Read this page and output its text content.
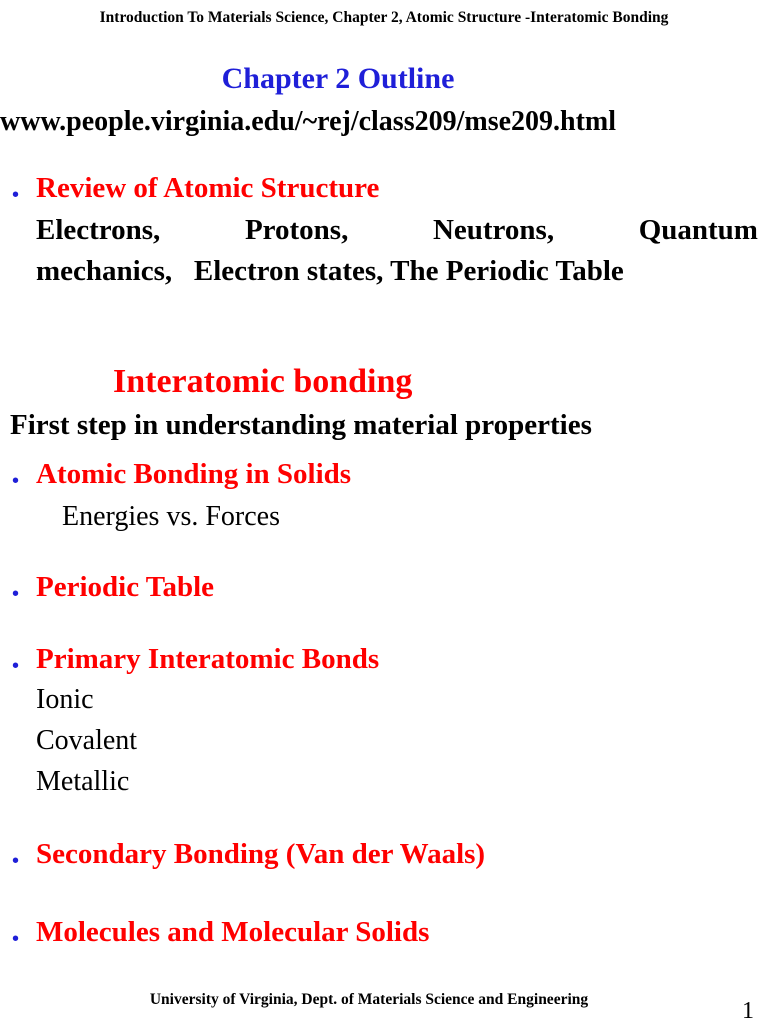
Introduction To Materials Science, Chapter 2, Atomic Structure -Interatomic Bonding
Chapter 2 Outline
www.people.virginia.edu/~rej/class209/mse209.html
• Review of Atomic Structure
Electrons,	Protons,	Neutrons,	Quantum
mechanics,   Electron states, The Periodic Table
Interatomic bonding
First step in understanding material properties
• Atomic Bonding in Solids
Energies vs. Forces
• Periodic Table
• Primary Interatomic Bonds
Ionic
Covalent
Metallic
• Secondary Bonding (Van der Waals)
• Molecules and Molecular Solids
University of Virginia, Dept. of Materials Science and Engineering	1
